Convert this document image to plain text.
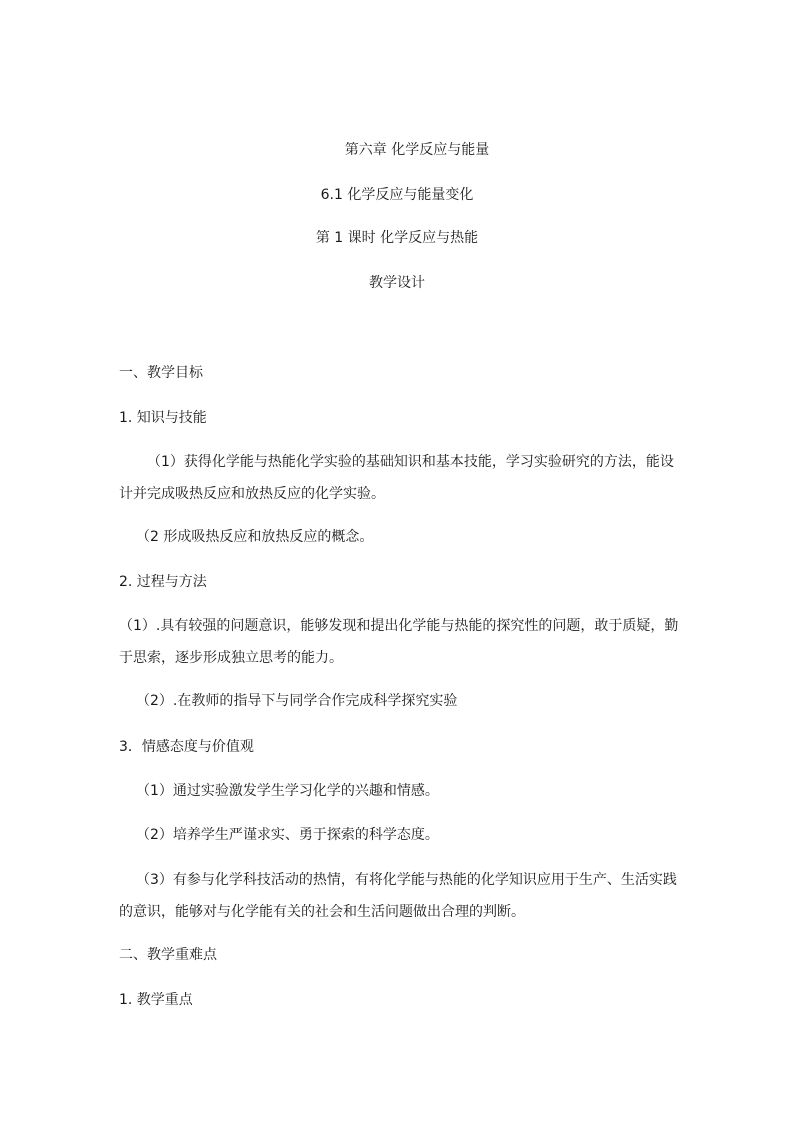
第六章 化学反应与能量

6.1 化学反应与能量变化

第 1 课时 化学反应与热能

教学设计

一、教学目标

1. 知识与技能

（1）获得化学能与热能化学实验的基础知识和基本技能，学习实验研究的方法，能设

计并完成吸热反应和放热反应的化学实验。

（2 形成吸热反应和放热反应的概念。

2. 过程与方法

（1）.具有较强的问题意识，能够发现和提出化学能与热能的探究性的问题，敢于质疑，勤

于思索，逐步形成独立思考的能力。

（2）.在教师的指导下与同学合作完成科学探究实验

3．情感态度与价值观

（1）通过实验激发学生学习化学的兴趣和情感。

（2）培养学生严谨求实、勇于探索的科学态度。

（3）有参与化学科技活动的热情，有将化学能与热能的化学知识应用于生产、生活实践

的意识，能够对与化学能有关的社会和生活问题做出合理的判断。

二、教学重难点

1. 教学重点
